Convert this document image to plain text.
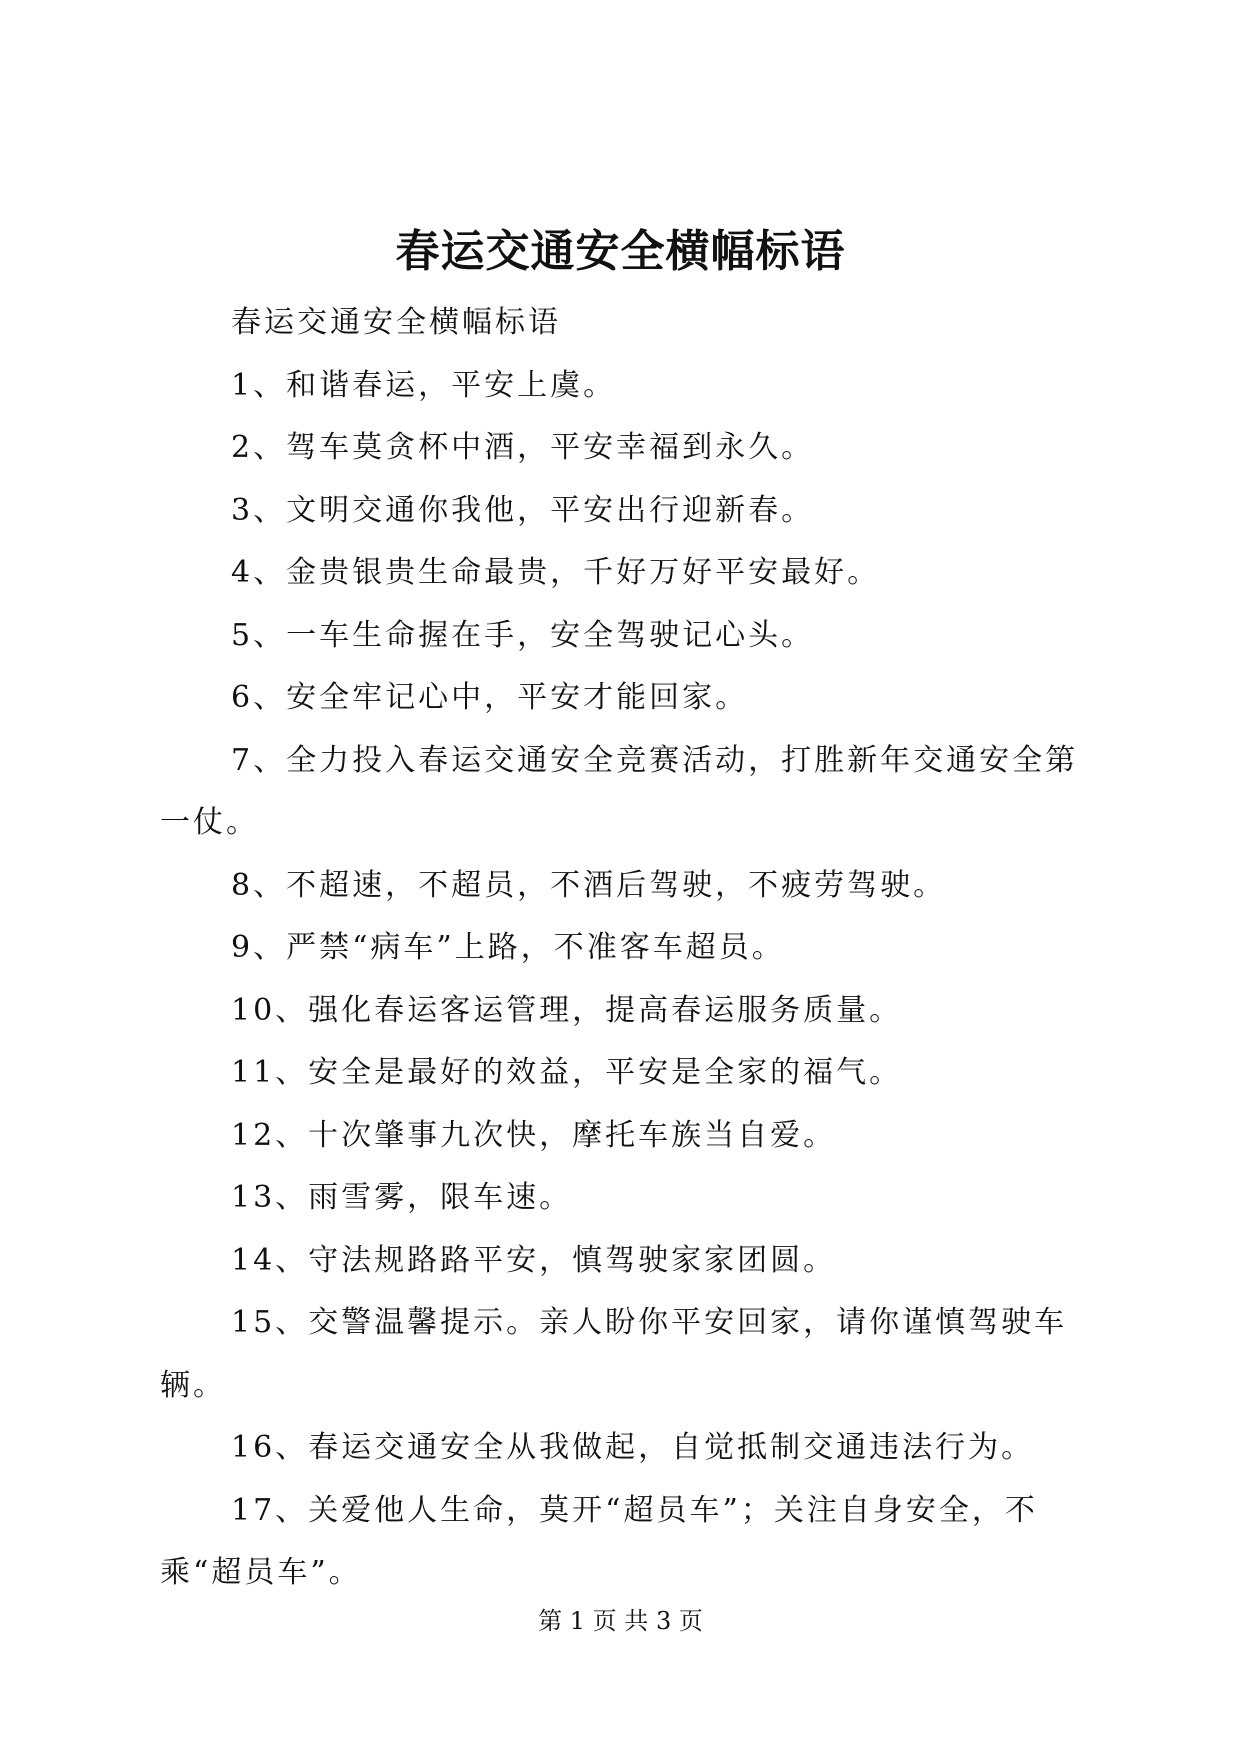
春运交通安全横幅标语

春运交通安全横幅标语

1、和谐春运，平安上虞。

2、驾车莫贪杯中酒，平安幸福到永久。

3、文明交通你我他，平安出行迎新春。

4、金贵银贵生命最贵，千好万好平安最好。

5、一车生命握在手，安全驾驶记心头。

6、安全牢记心中，平安才能回家。

7、全力投入春运交通安全竞赛活动，打胜新年交通安全第一仗。

8、不超速，不超员，不酒后驾驶，不疲劳驾驶。

9、严禁“病车”上路，不准客车超员。

10、强化春运客运管理，提高春运服务质量。

11、安全是最好的效益，平安是全家的福气。

12、十次肇事九次快，摩托车族当自爱。

13、雨雪雾，限车速。

14、守法规路路平安，慎驾驶家家团圆。

15、交警温馨提示。亲人盼你平安回家，请你谨慎驾驶车辆。

16、春运交通安全从我做起，自觉抵制交通违法行为。

17、关爱他人生命，莫开“超员车”；关注自身安全，不乘“超员车”。

第 1 页 共 3 页
